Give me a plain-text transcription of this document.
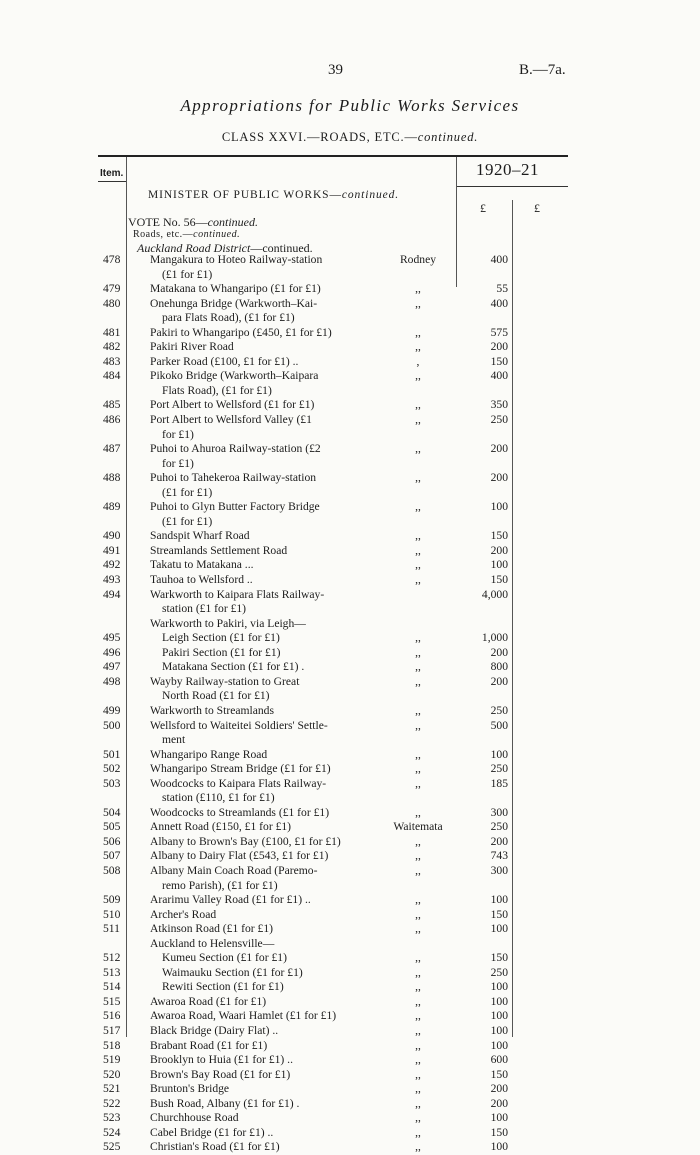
39	B.—7a.
Appropriations for Public Works Services
CLASS XXVI.—ROADS, ETC.—continued.
Item.	1920–21
£	£
MINISTER OF PUBLIC WORKS—continued.
VOTE No. 56—continued.
Roads, etc.—continued.
Auckland Road District—continued.
478	Mangakura to Hoteo Railway-station	Rodney	400
(£1 for £1)
479	Matakana to Whangaripo (£1 for £1)	,,	55
480	Onehunga Bridge (Warkworth–Kai-	,,	400
para Flats Road), (£1 for £1)
481	Pakiri to Whangaripo (£450, £1 for £1)	,,	575
482	Pakiri River Road	,,	200
483	Parker Road (£100, £1 for £1) ..	,	150
484	Pikoko Bridge (Warkworth–Kaipara	,,	400
Flats Road), (£1 for £1)
485	Port Albert to Wellsford (£1 for £1)	,,	350
486	Port Albert to Wellsford Valley (£1	,,	250
for £1)
487	Puhoi to Ahuroa Railway-station (£2	,,	200
for £1)
488	Puhoi to Tahekeroa Railway-station	,,	200
(£1 for £1)
489	Puhoi to Glyn Butter Factory Bridge	,,	100
(£1 for £1)
490	Sandspit Wharf Road	,,	150
491	Streamlands Settlement Road	,,	200
492	Takatu to Matakana ...	,,	100
493	Tauhoa to Wellsford ..	,,	150
494	Warkworth to Kaipara Flats Railway-	4,000
station (£1 for £1)
Warkworth to Pakiri, via Leigh—
495	Leigh Section (£1 for £1)	,,	1,000
496	Pakiri Section (£1 for £1)	,,	200
497	Matakana Section (£1 for £1) .	,,	800
498	Wayby Railway-station to Great	,,	200
North Road (£1 for £1)
499	Warkworth to Streamlands	,,	250
500	Wellsford to Waiteitei Soldiers' Settle-	,,	500
ment
501	Whangaripo Range Road	,,	100
502	Whangaripo Stream Bridge (£1 for £1)	,,	250
503	Woodcocks to Kaipara Flats Railway-	,,	185
station (£110, £1 for £1)
504	Woodcocks to Streamlands (£1 for £1)	,,	300
505	Annett Road (£150, £1 for £1)	Waitemata	250
506	Albany to Brown's Bay (£100, £1 for £1)	,,	200
507	Albany to Dairy Flat (£543, £1 for £1)	,,	743
508	Albany Main Coach Road (Paremo-	,,	300
remo Parish), (£1 for £1)
509	Ararimu Valley Road (£1 for £1) ..	,,	100
510	Archer's Road	,,	150
511	Atkinson Road (£1 for £1)	,,	100
Auckland to Helensville—
512	Kumeu Section (£1 for £1)	,,	150
513	Waimauku Section (£1 for £1)	,,	250
514	Rewiti Section (£1 for £1)	,,	100
515	Awaroa Road (£1 for £1)	,,	100
516	Awaroa Road, Waari Hamlet (£1 for £1)	,,	100
517	Black Bridge (Dairy Flat) ..	,,	100
518	Brabant Road (£1 for £1)	,,	100
519	Brooklyn to Huia (£1 for £1) ..	,,	600
520	Brown's Bay Road (£1 for £1)	,,	150
521	Brunton's Bridge	,,	200
522	Bush Road, Albany (£1 for £1) .	,,	200
523	Churchhouse Road	,,	100
524	Cabel Bridge (£1 for £1) ..	,,	150
525	Christian's Road (£1 for £1)	,,	100
